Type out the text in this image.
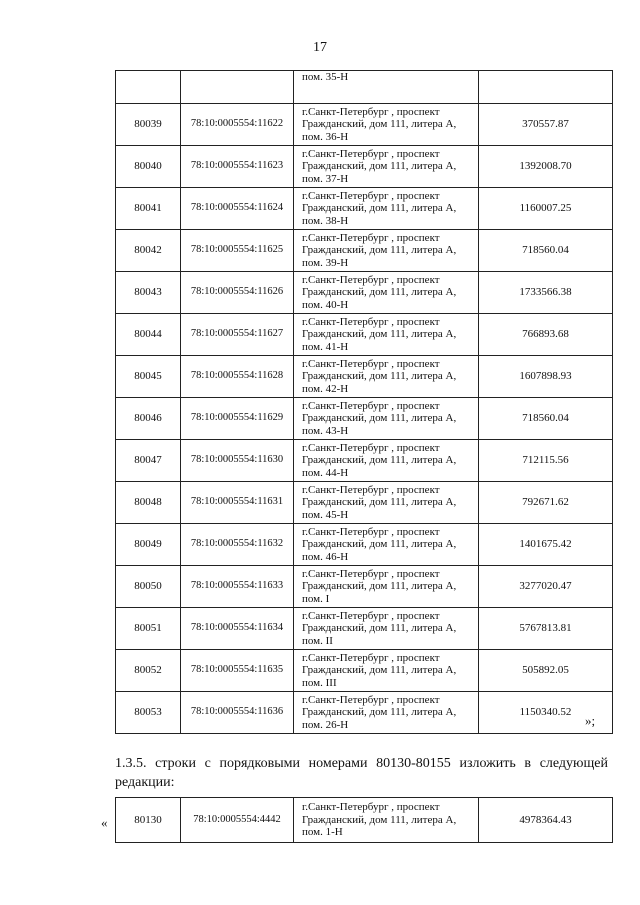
17

		пом. 35-Н	

80039	78:10:0005554:11622	г.Санкт-Петербург , проспект
Гражданский, дом 111, литера А,
пом. 36-Н	370557.87
80040	78:10:0005554:11623	г.Санкт-Петербург , проспект
Гражданский, дом 111, литера А,
пом. 37-Н	1392008.70
80041	78:10:0005554:11624	г.Санкт-Петербург , проспект
Гражданский, дом 111, литера А,
пом. 38-Н	1160007.25
80042	78:10:0005554:11625	г.Санкт-Петербург , проспект
Гражданский, дом 111, литера А,
пом. 39-Н	718560.04
80043	78:10:0005554:11626	г.Санкт-Петербург , проспект
Гражданский, дом 111, литера А,
пом. 40-Н	1733566.38
80044	78:10:0005554:11627	г.Санкт-Петербург , проспект
Гражданский, дом 111, литера А,
пом. 41-Н	766893.68
80045	78:10:0005554:11628	г.Санкт-Петербург , проспект
Гражданский, дом 111, литера А,
пом. 42-Н	1607898.93
80046	78:10:0005554:11629	г.Санкт-Петербург , проспект
Гражданский, дом 111, литера А,
пом. 43-Н	718560.04
80047	78:10:0005554:11630	г.Санкт-Петербург , проспект
Гражданский, дом 111, литера А,
пом. 44-Н	712115.56
80048	78:10:0005554:11631	г.Санкт-Петербург , проспект
Гражданский, дом 111, литера А,
пом. 45-Н	792671.62
80049	78:10:0005554:11632	г.Санкт-Петербург , проспект
Гражданский, дом 111, литера А,
пом. 46-Н	1401675.42
80050	78:10:0005554:11633	г.Санкт-Петербург , проспект
Гражданский, дом 111, литера А,
пом. I	3277020.47
80051	78:10:0005554:11634	г.Санкт-Петербург , проспект
Гражданский, дом 111, литера А,
пом. II	5767813.81
80052	78:10:0005554:11635	г.Санкт-Петербург , проспект
Гражданский, дом 111, литера А,
пом. III	505892.05
80053	78:10:0005554:11636	г.Санкт-Петербург , проспект
Гражданский, дом 111, литера А,
пом. 26-Н	1150340.52
»;
1.3.5. строки с порядковыми номерами 80130-80155 изложить в следующей
редакции:
« 80130	78:10:0005554:4442	
г.Санкт-Петербург , проспект
Гражданский, дом 111, литера А,
пом. 1-Н
	4978364.43
